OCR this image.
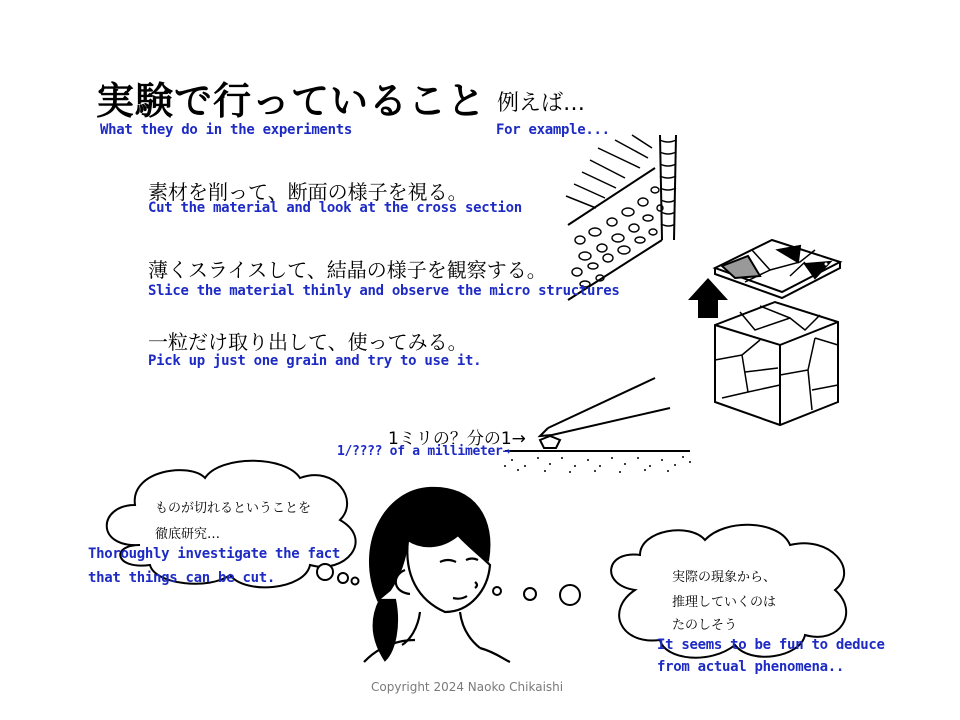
実験で行っていること
What they do in the experiments
例えば…
For example...
素材を削って、断面の様子を視る。
Cut the material and look at the cross section
薄くスライスして、結晶の様子を観察する。
Slice the material thinly and observe the micro structures
一粒だけ取り出して、使ってみる。
Pick up just one grain and try to use it.
1ミリの？分の1→
1/???? of a millimeter→
ものが切れるということを
徹底研究…
Thoroughly investigate the fact
that things can be cut.	実際の現象から、
推理していくのは
たのしそう
It seems to be fun to deduce
from actual phenomena..
Copyright 2024 Naoko Chikaishi
